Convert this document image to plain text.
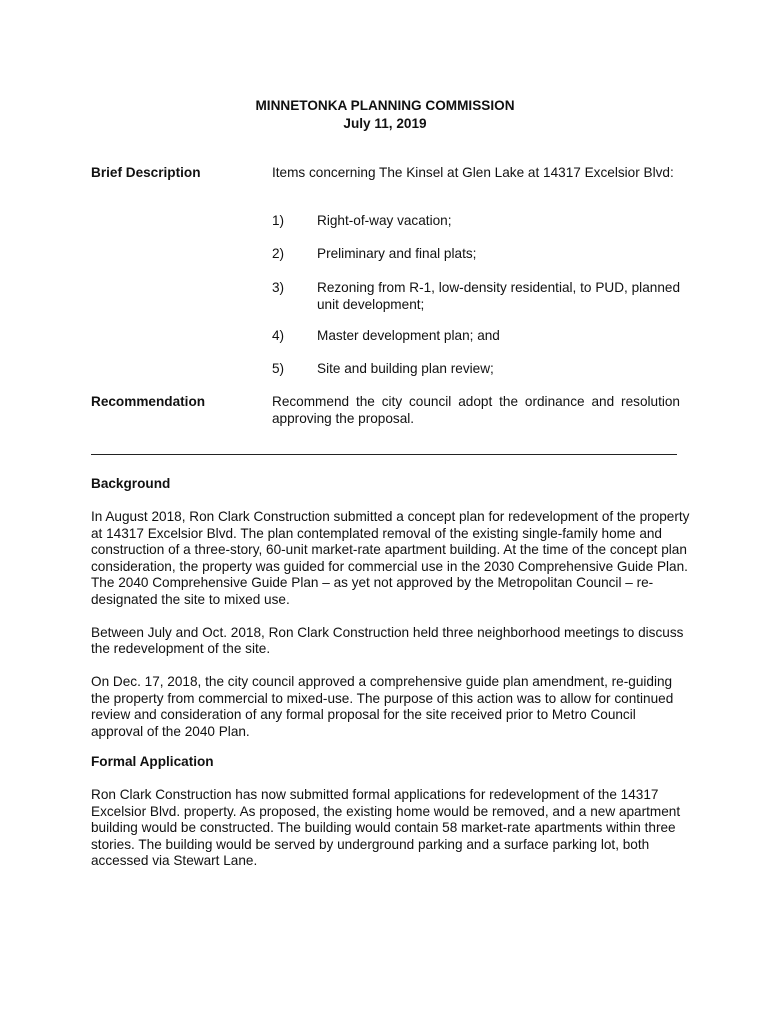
MINNETONKA PLANNING COMMISSION
July 11, 2019
Brief Description	Items concerning The Kinsel at Glen Lake at 14317 Excelsior Blvd:
1) Right-of-way vacation;
2) Preliminary and final plats;
3) Rezoning from R-1, low-density residential, to PUD, planned unit development;
4) Master development plan; and
5) Site and building plan review;
Recommendation	Recommend the city council adopt the ordinance and resolution approving the proposal.
Background

In August 2018, Ron Clark Construction submitted a concept plan for redevelopment of the property at 14317 Excelsior Blvd. The plan contemplated removal of the existing single-family home and construction of a three-story, 60-unit market-rate apartment building. At the time of the concept plan consideration, the property was guided for commercial use in the 2030 Comprehensive Guide Plan. The 2040 Comprehensive Guide Plan – as yet not approved by the Metropolitan Council – re-designated the site to mixed use.

Between July and Oct. 2018, Ron Clark Construction held three neighborhood meetings to discuss the redevelopment of the site.

On Dec. 17, 2018, the city council approved a comprehensive guide plan amendment, re-guiding the property from commercial to mixed-use. The purpose of this action was to allow for continued review and consideration of any formal proposal for the site received prior to Metro Council approval of the 2040 Plan.

Formal Application
Ron Clark Construction has now submitted formal applications for redevelopment of the 14317 Excelsior Blvd. property. As proposed, the existing home would be removed, and a new apartment building would be constructed. The building would contain 58 market-rate apartments within three stories. The building would be served by underground parking and a surface parking lot, both accessed via Stewart Lane.
